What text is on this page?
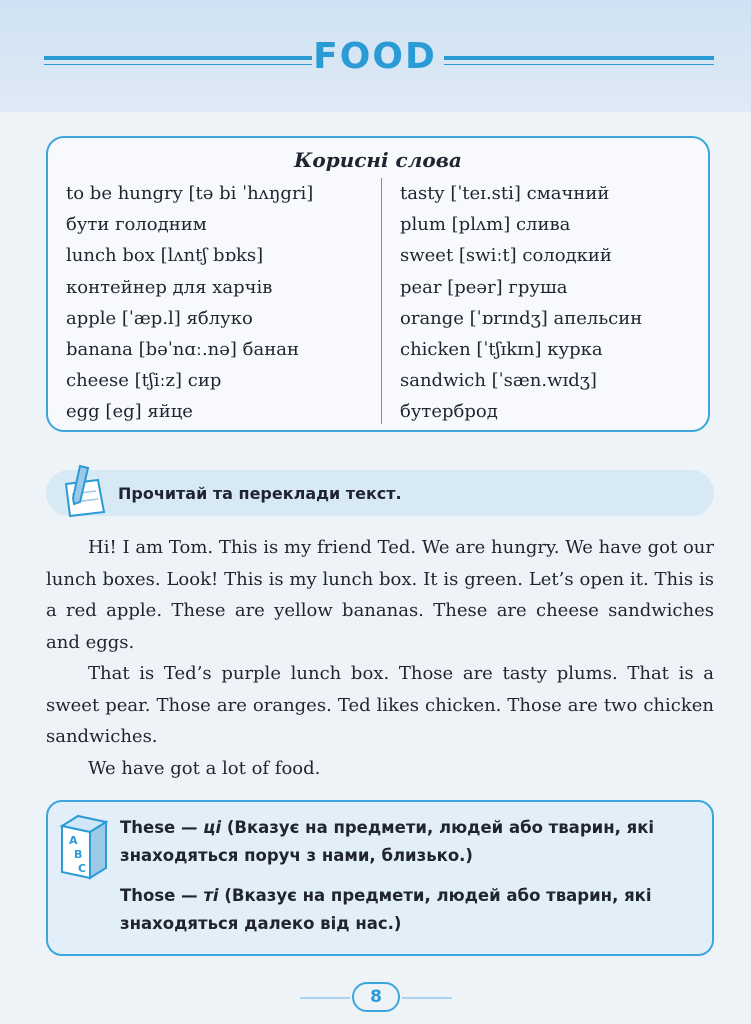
FOOD
Корисні слова
to be hungry [tə bi ˈhʌŋgri]
бути голодним
lunch box [lʌntʃ bɒks]
контейнер для харчів
apple [ˈæp.l] яблуко
banana [bəˈnɑː.nə] банан
cheese [tʃiːz] сир
egg [eg] яйце
tasty [ˈteɪ.sti] смачний
plum [plʌm] слива
sweet [swiːt] солодкий
pear [peər] груша
orange [ˈɒrɪndʒ] апельсин
chicken [ˈtʃɪkɪn] курка
sandwich [ˈsæn.wɪdʒ]
бутерброд
Прочитай та переклади текст.

Hi! I am Tom. This is my friend Ted. We are hungry. We have got our lunch boxes. Look! This is my lunch box. It is green. Let’s open it. This is a red apple. These are yellow bananas. These are cheese sandwiches and eggs.

That is Ted’s purple lunch box. Those are tasty plums. That is a sweet pear. Those are oranges. Ted likes chicken. Those are two chicken sandwiches.

We have got a lot of food.

A
B
C
These — ці (Вказує на предмети, людей або тварин, які знаходяться поруч з нами, близько.)
Those — ті (Вказує на предмети, людей або тварин, які знаходяться далеко від нас.)
8
